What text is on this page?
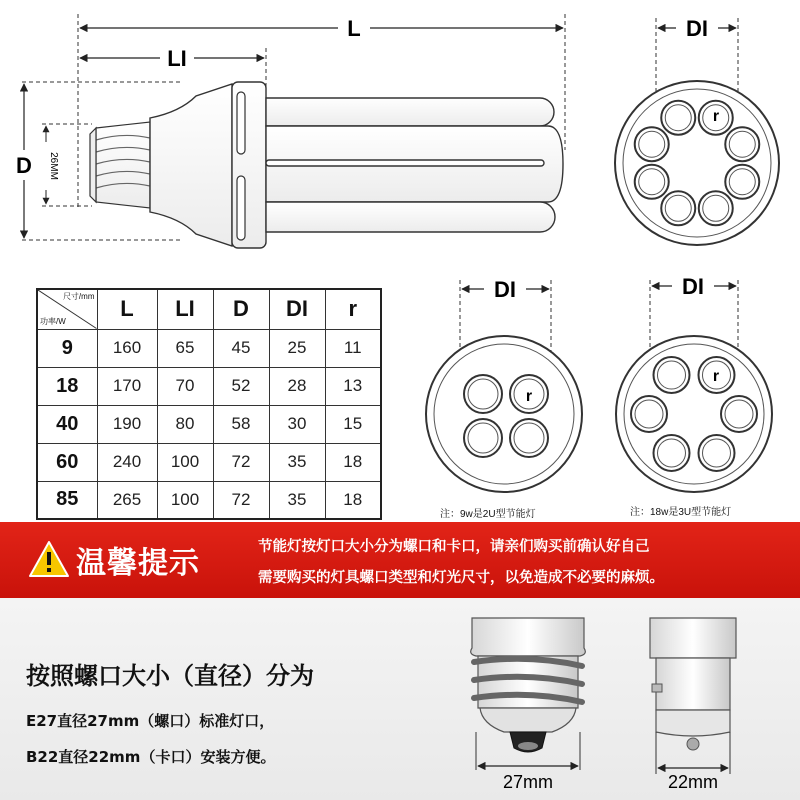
L
LI
D 26MM
DI
r
DI
r
DI
r
尺寸/mm
功率/W	L	LI	D	DI	r
9	160	65	45	25	11
18	170	70	52	28	13
40	190	80	58	30	15
60	240	100	72	35	18
85	265	100	72	35	18
注：9w是2U型节能灯	注：18w是3U型节能灯
温馨提示	节能灯按灯口大小分为螺口和卡口，请亲们购买前确认好自己
需要购买的灯具螺口类型和灯光尺寸，以免造成不必要的麻烦。
按照螺口大小（直径）分为
E27直径27mm（螺口）标准灯口，
B22直径22mm（卡口）安装方便。
27mm	22mm
